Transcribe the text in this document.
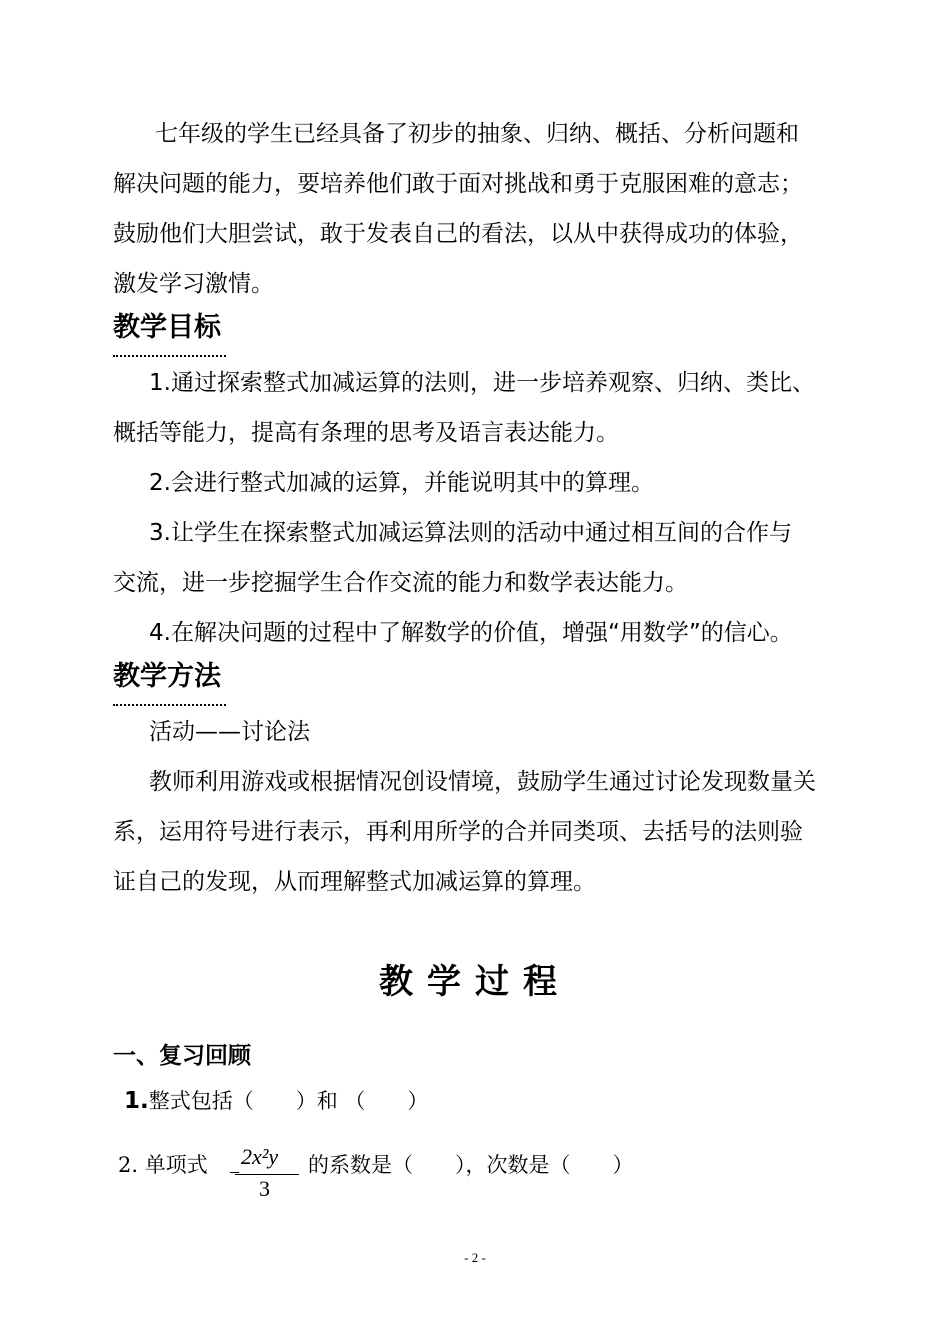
七年级的学生已经具备了初步的抽象、归纳、概括、分析问题和
解决问题的能力，要培养他们敢于面对挑战和勇于克服困难的意志；
鼓励他们大胆尝试，敢于发表自己的看法，以从中获得成功的体验，
激发学习激情。
教学目标
1.通过探索整式加减运算的法则，进一步培养观察、归纳、类比、
概括等能力，提高有条理的思考及语言表达能力。
2.会进行整式加减的运算，并能说明其中的算理。
3.让学生在探索整式加减运算法则的活动中通过相互间的合作与
交流，进一步挖掘学生合作交流的能力和数学表达能力。
4.在解决问题的过程中了解数学的价值，增强“用数学”的信心。
教学方法
活动——讨论法
教师利用游戏或根据情况创设情境，鼓励学生通过讨论发现数量关
系，运用符号进行表示，再利用所学的合并同类项、去括号的法则验
证自己的发现，从而理解整式加减运算的算理。
教学过程
一、复习回顾
1.整式包括（　　）和 （　　）
2. 单项式 −
2x²y
3
的系数是（　　），次数是（　　）
- 2 -
